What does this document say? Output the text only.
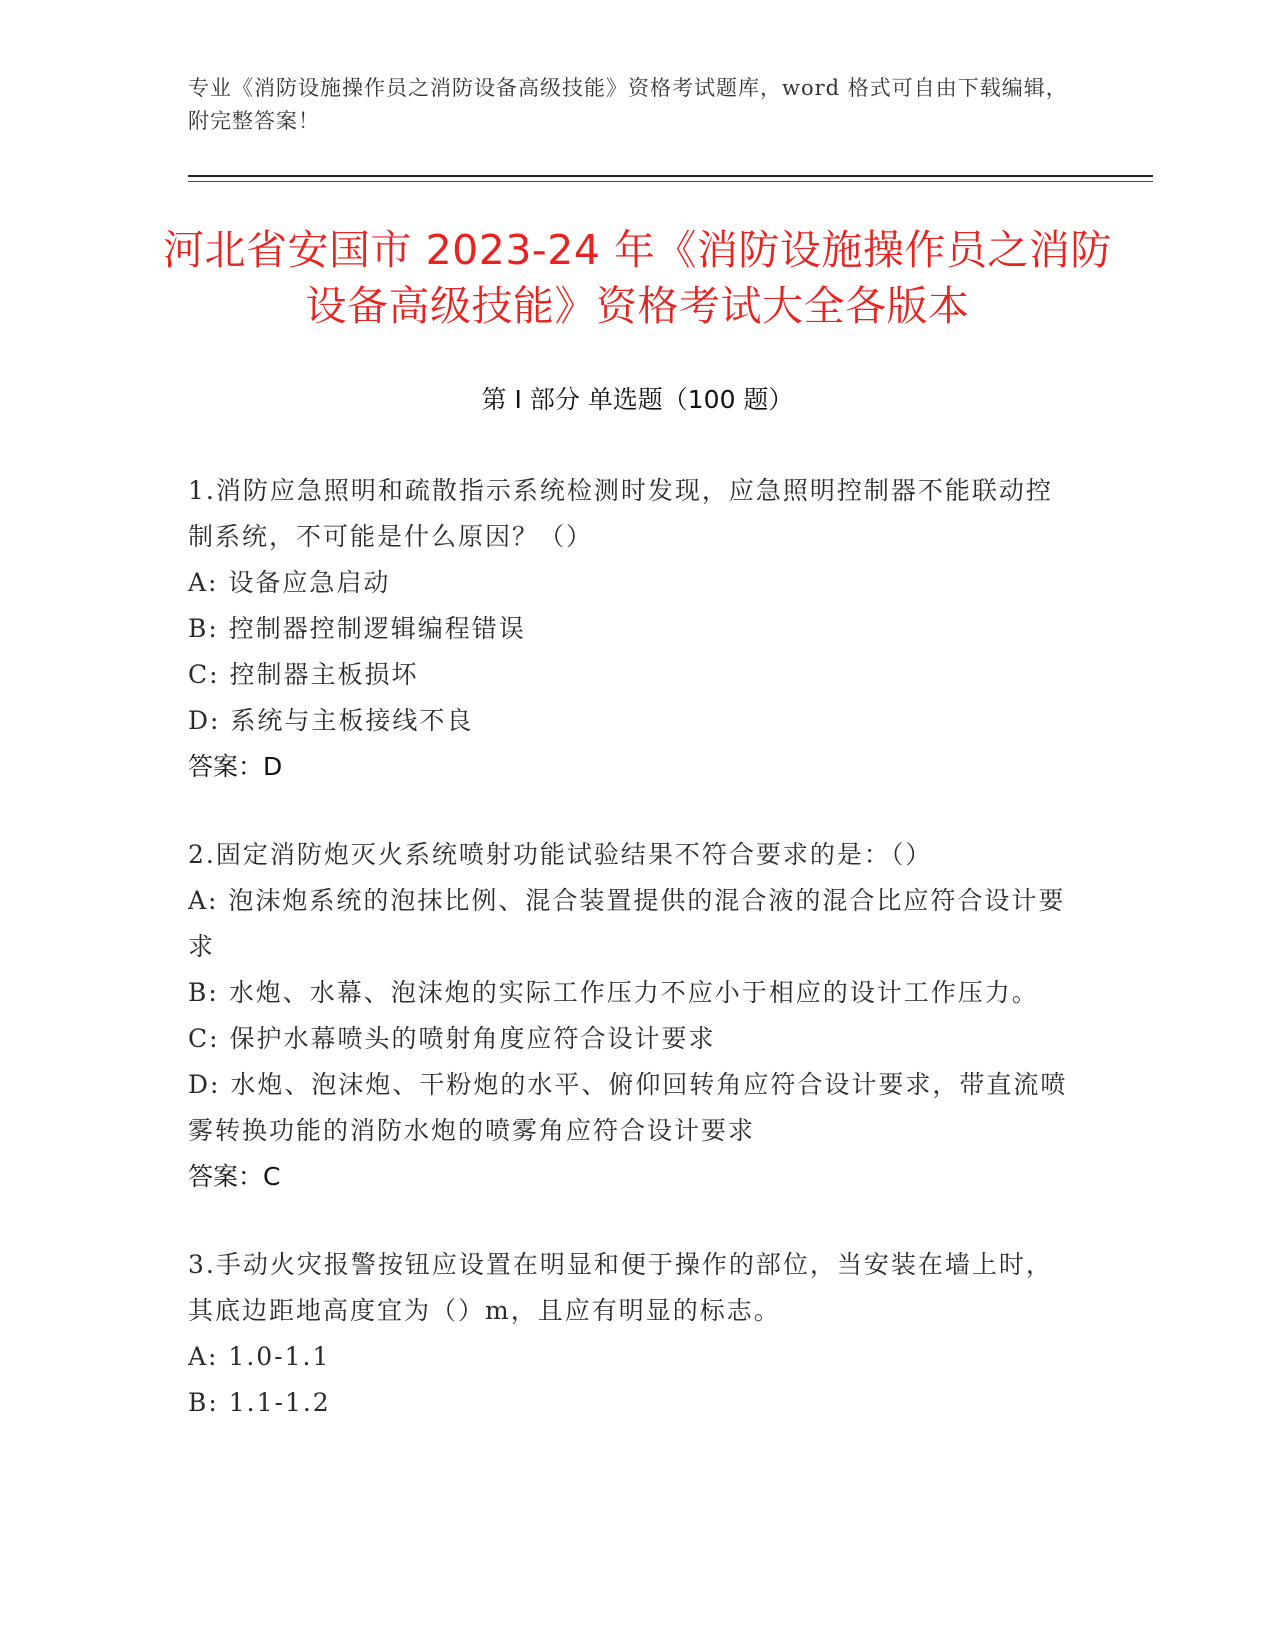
专业《消防设施操作员之消防设备高级技能》资格考试题库，word 格式可自由下载编辑，附完整答案！
河北省安国市 2023-24 年《消防设施操作员之消防设备高级技能》资格考试大全各版本
第 I 部分 单选题（100 题）
1.消防应急照明和疏散指示系统检测时发现，应急照明控制器不能联动控制系统，不可能是什么原因？（）
A: 设备应急启动
B: 控制器控制逻辑编程错误
C: 控制器主板损坏
D: 系统与主板接线不良
答案：D
2.固定消防炮灭火系统喷射功能试验结果不符合要求的是：（）
A: 泡沫炮系统的泡抹比例、混合装置提供的混合液的混合比应符合设计要求
B: 水炮、水幕、泡沫炮的实际工作压力不应小于相应的设计工作压力。
C: 保护水幕喷头的喷射角度应符合设计要求
D: 水炮、泡沫炮、干粉炮的水平、俯仰回转角应符合设计要求，带直流喷雾转换功能的消防水炮的喷雾角应符合设计要求
答案：C
3.手动火灾报警按钮应设置在明显和便于操作的部位，当安装在墙上时，其底边距地高度宜为（）m，且应有明显的标志。
A: 1.0-1.1
B: 1.1-1.2
